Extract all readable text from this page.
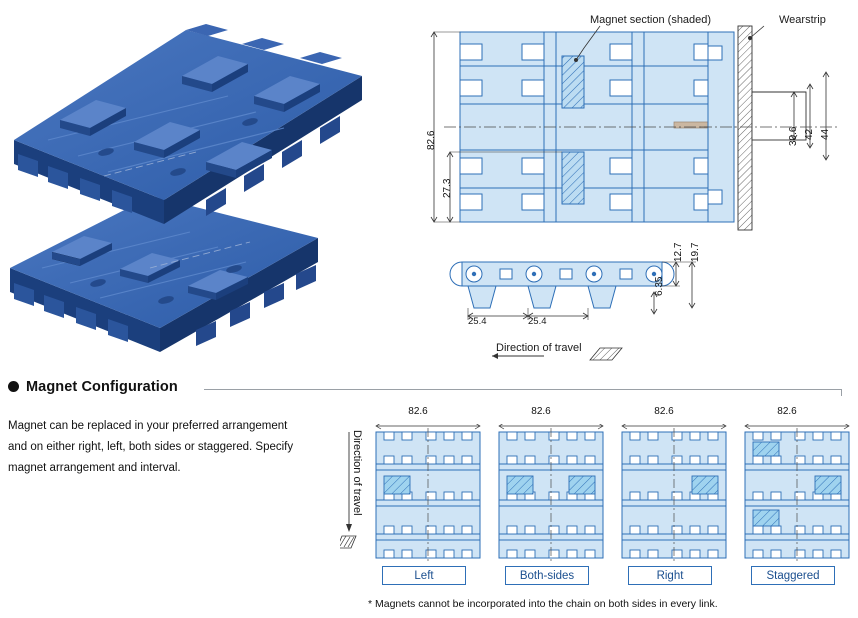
Magnet section (shaded)	Wearstrip
82.6
27.3
30.6 42 44
25.4	25.4
12.7 19.7
6.35
Direction of travel
Magnet Configuration
Magnet can be replaced in your preferred arrangement and on either right, left, both sides or staggered. Specify magnet arrangement and interval.	Direction of travel
82.6	82.6	82.6	82.6
Left	Both-sides	Right	Staggered
* Magnets cannot be incorporated into the chain on both sides in every link.
